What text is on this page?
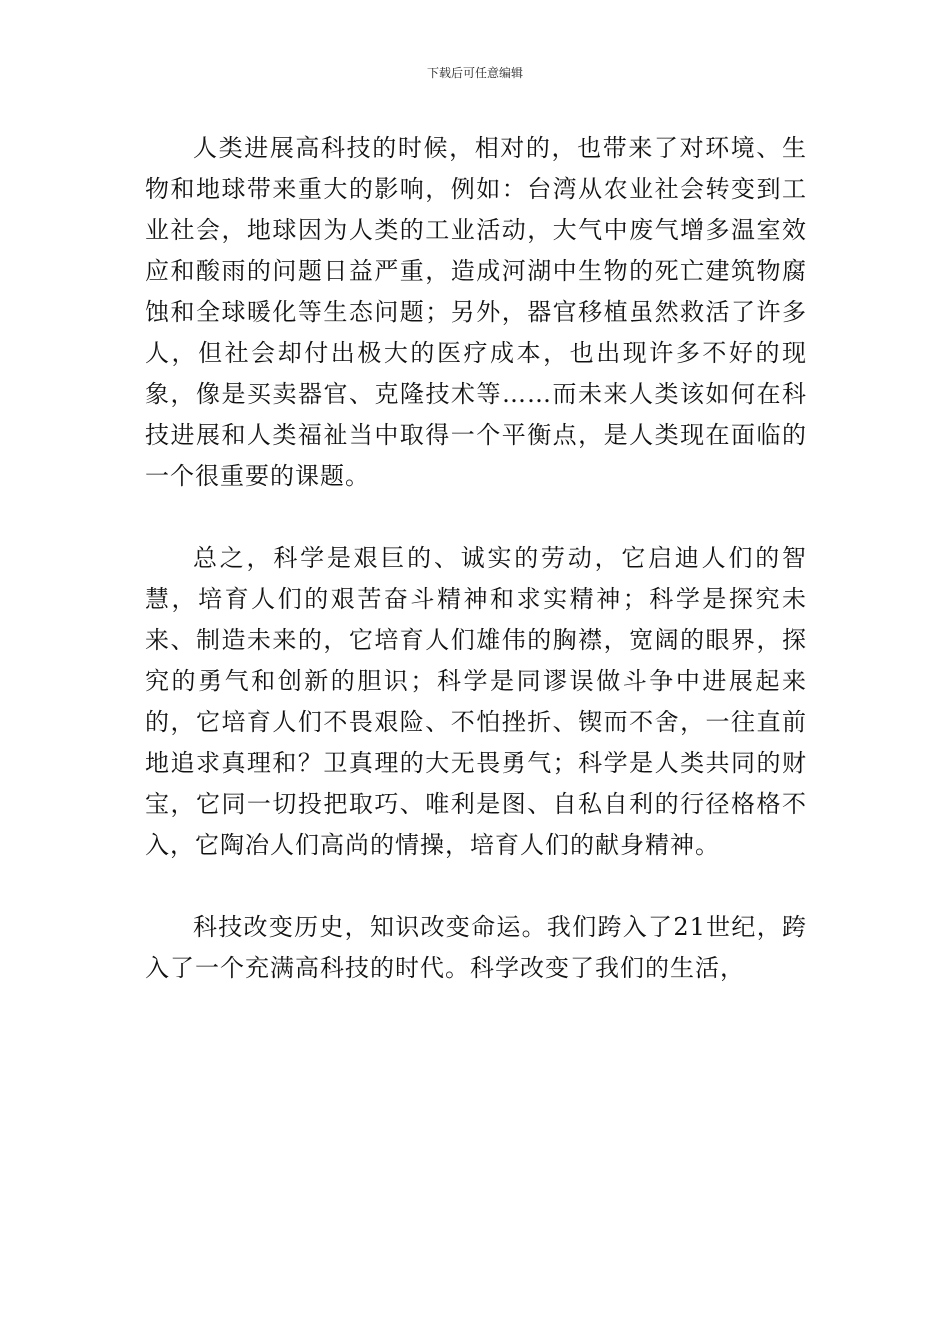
下载后可任意编辑

人类进展高科技的时候，相对的，也带来了对环境、生物和地球带来重大的影响，例如：台湾从农业社会转变到工业社会，地球因为人类的工业活动，大气中废气增多温室效应和酸雨的问题日益严重，造成河湖中生物的死亡建筑物腐蚀和全球暖化等生态问题；另外，器官移植虽然救活了许多人，但社会却付出极大的医疗成本，也出现许多不好的现象，像是买卖器官、克隆技术等……而未来人类该如何在科技进展和人类福祉当中取得一个平衡点，是人类现在面临的一个很重要的课题。

总之，科学是艰巨的、诚实的劳动，它启迪人们的智慧，培育人们的艰苦奋斗精神和求实精神；科学是探究未来、制造未来的，它培育人们雄伟的胸襟，宽阔的眼界，探究的勇气和创新的胆识；科学是同谬误做斗争中进展起来的，它培育人们不畏艰险、不怕挫折、锲而不舍，一往直前地追求真理和？卫真理的大无畏勇气；科学是人类共同的财宝，它同一切投把取巧、唯利是图、自私自利的行径格格不入，它陶冶人们高尚的情操，培育人们的献身精神。

科技改变历史，知识改变命运。我们跨入了21世纪，跨入了一个充满高科技的时代。科学改变了我们的生活，
